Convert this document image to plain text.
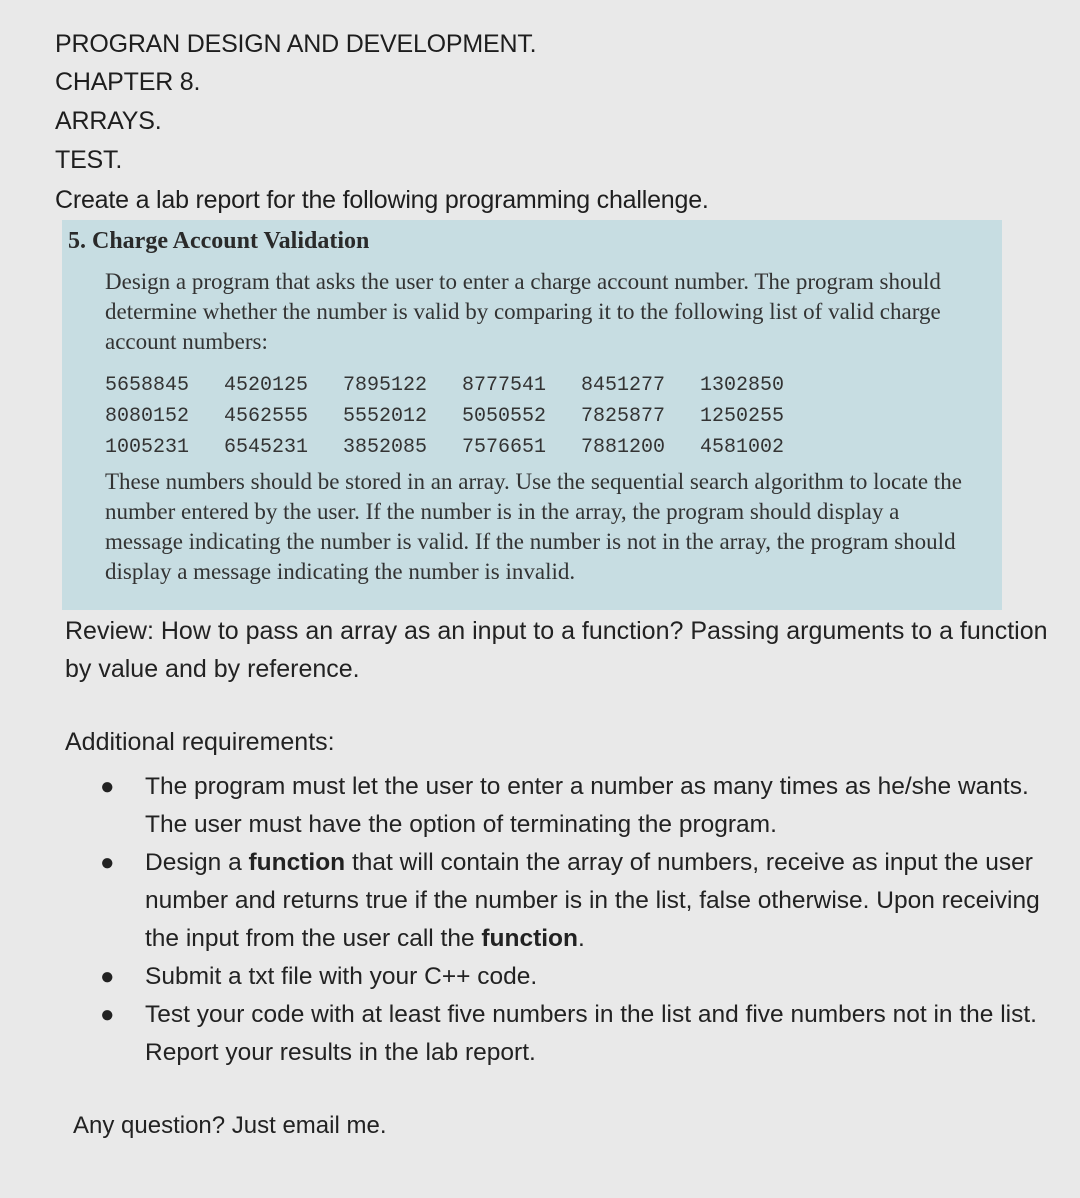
PROGRAN DESIGN AND DEVELOPMENT.
CHAPTER 8.
ARRAYS.
TEST.
Create a lab report for the following programming challenge.
5. Charge Account Validation
Design a program that asks the user to enter a charge account number. The program should determine whether the number is valid by comparing it to the following list of valid charge account numbers:
5658845	4520125	7895122	8777541	8451277	1302850
8080152	4562555	5552012	5050552	7825877	1250255
1005231	6545231	3852085	7576651	7881200	4581002
These numbers should be stored in an array. Use the sequential search algorithm to locate the number entered by the user. If the number is in the array, the program should display a message indicating the number is valid. If the number is not in the array, the program should display a message indicating the number is invalid.
Review: How to pass an array as an input to a function? Passing arguments to a function by value and by reference.
Additional requirements:
● The program must let the user to enter a number as many times as he/she wants. The user must have the option of terminating the program.
● Design a function that will contain the array of numbers, receive as input the user number and returns true if the number is in the list, false otherwise. Upon receiving the input from the user call the function.
● Submit a txt file with your C++ code.
● Test your code with at least five numbers in the list and five numbers not in the list. Report your results in the lab report.
Any question? Just email me.
